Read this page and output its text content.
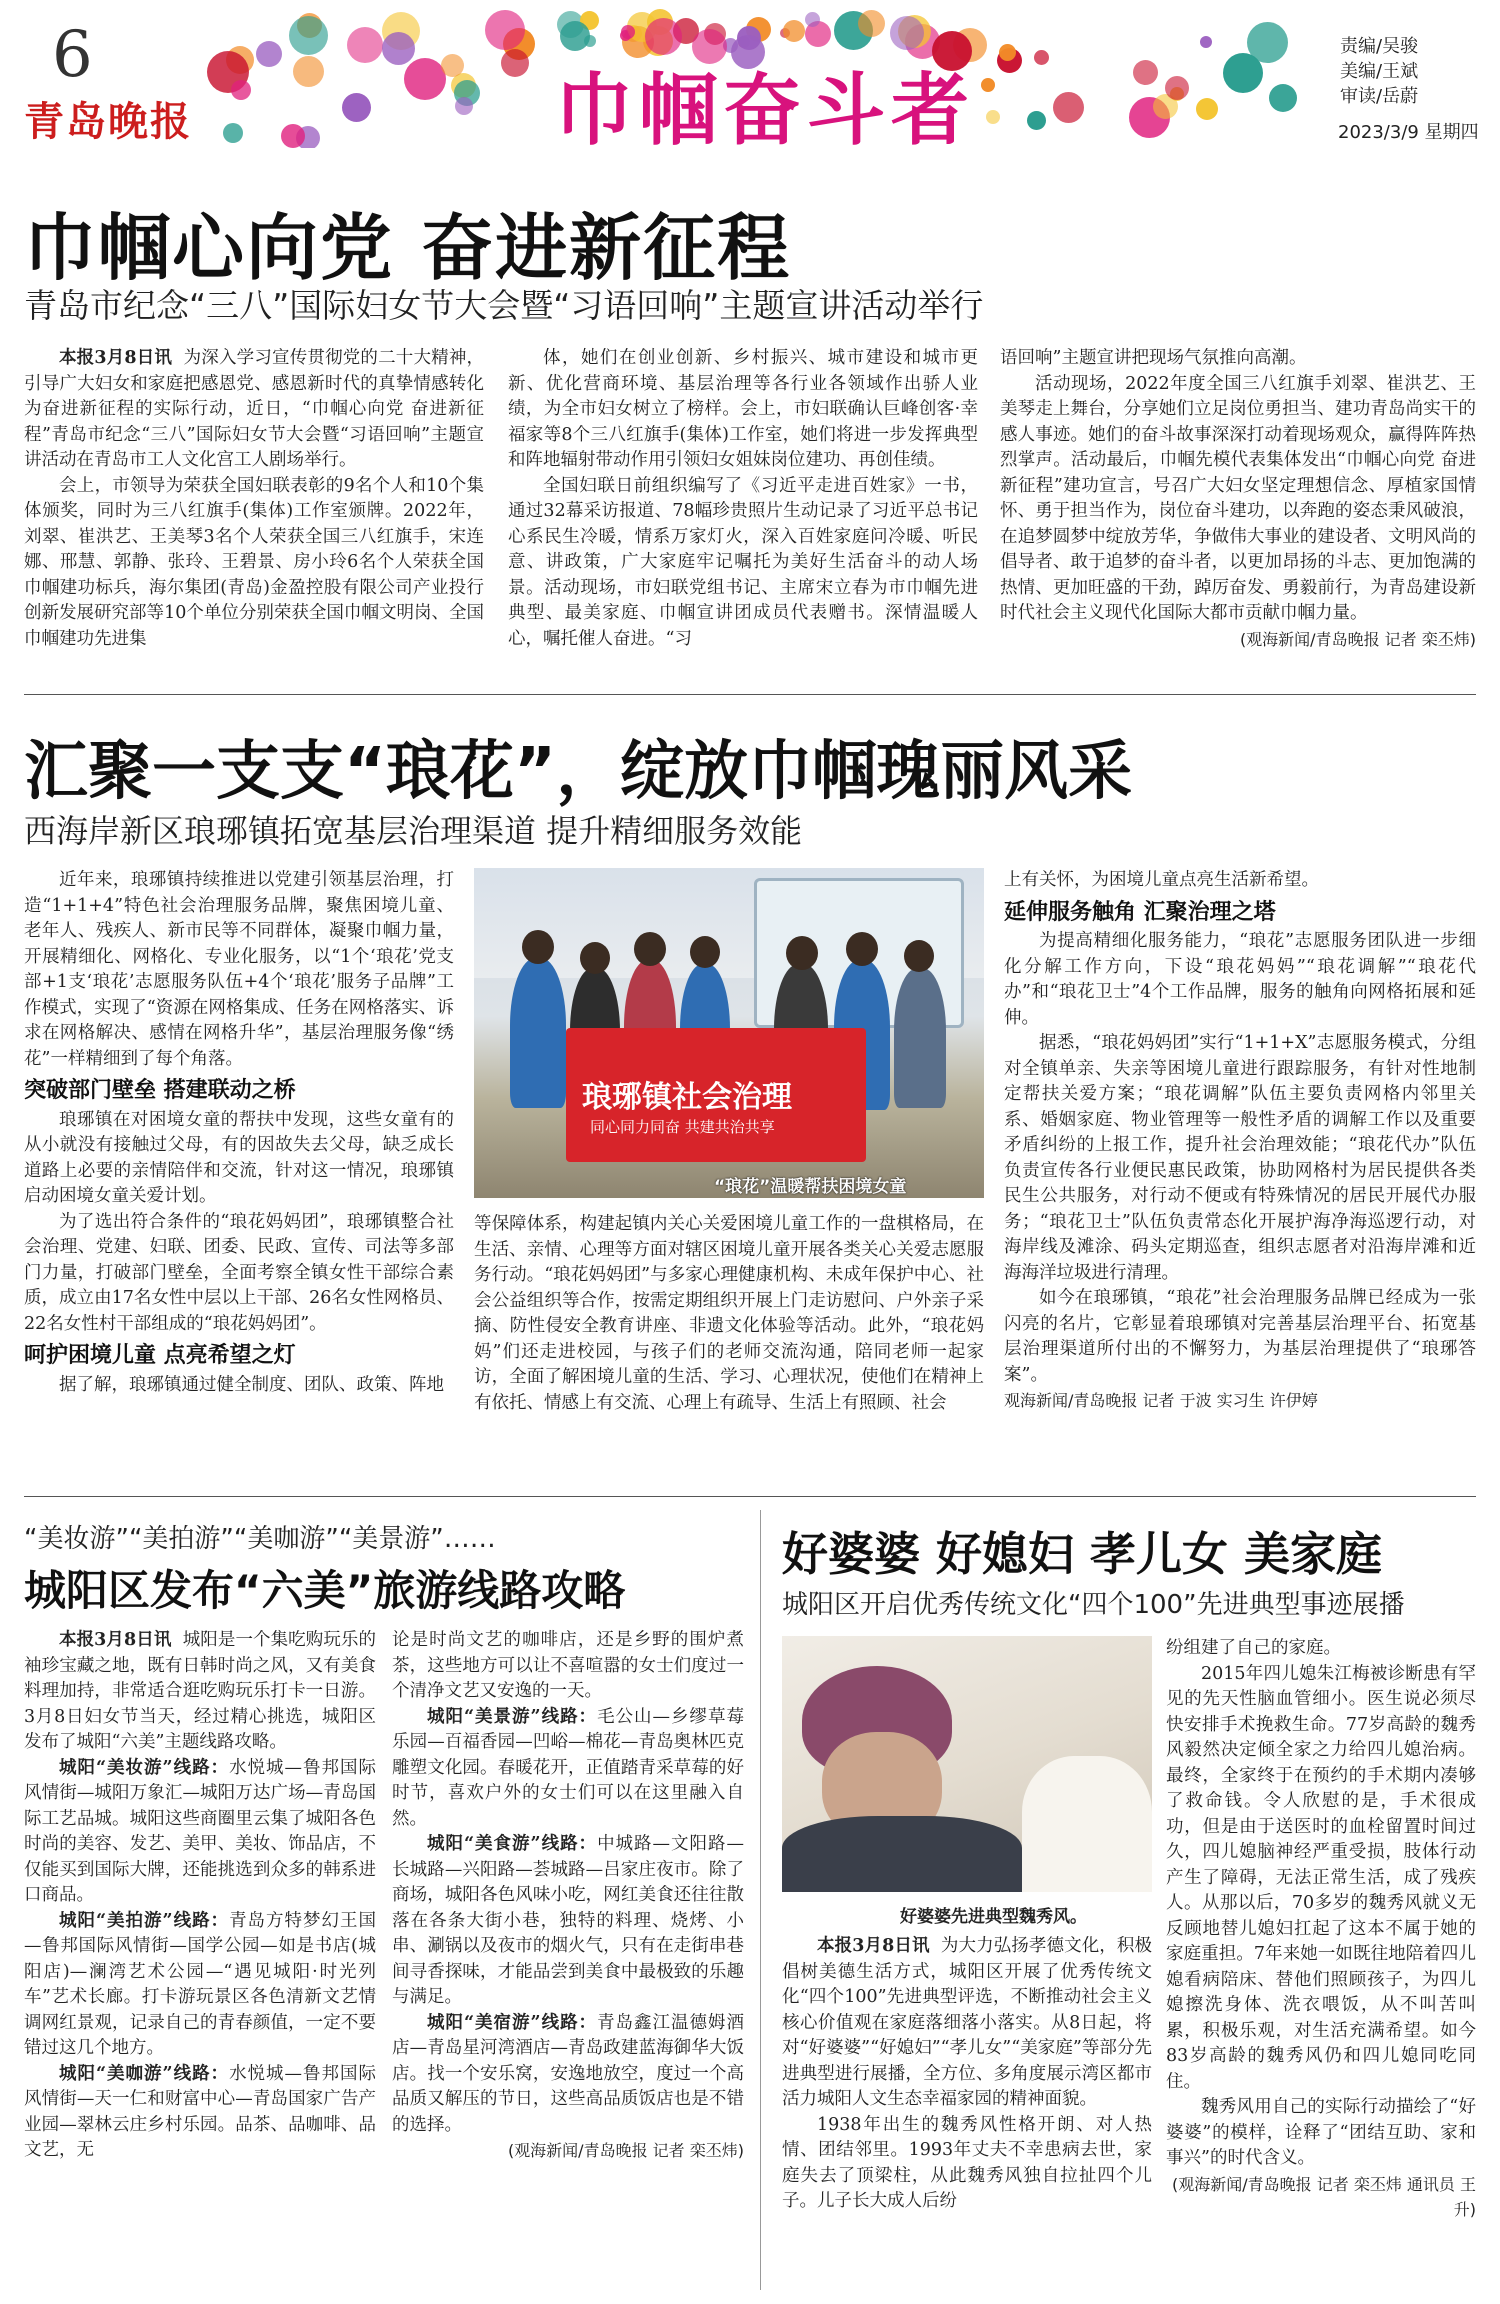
6
青岛晚报	巾帼奋斗者
责编/吴骏
美编/王斌
审读/岳蔚
2023/3/9 星期四
巾帼心向党 奋进新征程
青岛市纪念“三八”国际妇女节大会暨“习语回响”主题宣讲活动举行

本报3月8日讯 为深入学习宣传贯彻党的二十大精神，引导广大妇女和家庭把感恩党、感恩新时代的真挚情感转化为奋进新征程的实际行动，近日，“巾帼心向党 奋进新征程”青岛市纪念“三八”国际妇女节大会暨“习语回响”主题宣讲活动在青岛市工人文化宫工人剧场举行。

会上，市领导为荣获全国妇联表彰的9名个人和10个集体颁奖，同时为三八红旗手(集体)工作室颁牌。2022年，刘翠、崔洪艺、王美琴3名个人荣获全国三八红旗手，宋连娜、邢慧、郭静、张玲、王碧景、房小玲6名个人荣获全国巾帼建功标兵，海尔集团(青岛)金盈控股有限公司产业投行创新发展研究部等10个单位分别荣获全国巾帼文明岗、全国巾帼建功先进集

体，她们在创业创新、乡村振兴、城市建设和城市更新、优化营商环境、基层治理等各行业各领域作出骄人业绩，为全市妇女树立了榜样。会上，市妇联确认巨峰创客·幸福家等8个三八红旗手(集体)工作室，她们将进一步发挥典型和阵地辐射带动作用引领妇女姐妹岗位建功、再创佳绩。

全国妇联日前组织编写了《习近平走进百姓家》一书，通过32幕采访报道、78幅珍贵照片生动记录了习近平总书记心系民生冷暖，情系万家灯火，深入百姓家庭问冷暖、听民意、讲政策，广大家庭牢记嘱托为美好生活奋斗的动人场景。活动现场，市妇联党组书记、主席宋立春为市巾帼先进典型、最美家庭、巾帼宣讲团成员代表赠书。深情温暖人心，嘱托催人奋进。“习

语回响”主题宣讲把现场气氛推向高潮。

活动现场，2022年度全国三八红旗手刘翠、崔洪艺、王美琴走上舞台，分享她们立足岗位勇担当、建功青岛尚实干的感人事迹。她们的奋斗故事深深打动着现场观众，赢得阵阵热烈掌声。活动最后，巾帼先模代表集体发出“巾帼心向党 奋进新征程”建功宣言，号召广大妇女坚定理想信念、厚植家国情怀、勇于担当作为，岗位奋斗建功，以奔跑的姿态秉风破浪，在追梦圆梦中绽放芳华，争做伟大事业的建设者、文明风尚的倡导者、敢于追梦的奋斗者，以更加昂扬的斗志、更加饱满的热情、更加旺盛的干劲，踔厉奋发、勇毅前行，为青岛建设新时代社会主义现代化国际大都市贡献巾帼力量。

(观海新闻/青岛晚报 记者 栾丕炜)
汇聚一支支“琅花”，绽放巾帼瑰丽风采
西海岸新区琅琊镇拓宽基层治理渠道 提升精细服务效能

近年来，琅琊镇持续推进以党建引领基层治理，打造“1+1+4”特色社会治理服务品牌，聚焦困境儿童、老年人、残疾人、新市民等不同群体，凝聚巾帼力量，开展精细化、网格化、专业化服务，以“1个‘琅花’党支部+1支‘琅花’志愿服务队伍+4个‘琅花’服务子品牌”工作模式，实现了“资源在网格集成、任务在网格落实、诉求在网格解决、感情在网格升华”，基层治理服务像“绣花”一样精细到了每个角落。

突破部门壁垒 搭建联动之桥

琅琊镇在对困境女童的帮扶中发现，这些女童有的从小就没有接触过父母，有的因故失去父母，缺乏成长道路上必要的亲情陪伴和交流，针对这一情况，琅琊镇启动困境女童关爱计划。

为了选出符合条件的“琅花妈妈团”，琅琊镇整合社会治理、党建、妇联、团委、民政、宣传、司法等多部门力量，打破部门壁垒，全面考察全镇女性干部综合素质，成立由17名女性中层以上干部、26名女性网格员、22名女性村干部组成的“琅花妈妈团”。

呵护困境儿童 点亮希望之灯

据了解，琅琊镇通过健全制度、团队、政策、阵地

琅琊镇社会治理
同心同力同奋 共建共治共享
“琅花”温暖帮扶困境女童

等保障体系，构建起镇内关心关爱困境儿童工作的一盘棋格局，在生活、亲情、心理等方面对辖区困境儿童开展各类关心关爱志愿服务行动。“琅花妈妈团”与多家心理健康机构、未成年保护中心、社会公益组织等合作，按需定期组织开展上门走访慰问、户外亲子采摘、防性侵安全教育讲座、非遗文化体验等活动。此外，“琅花妈妈”们还走进校园，与孩子们的老师交流沟通，陪同老师一起家访，全面了解困境儿童的生活、学习、心理状况，使他们在精神上有依托、情感上有交流、心理上有疏导、生活上有照顾、社会

上有关怀，为困境儿童点亮生活新希望。

延伸服务触角 汇聚治理之塔

为提高精细化服务能力，“琅花”志愿服务团队进一步细化分解工作方向，下设“琅花妈妈”“琅花调解”“琅花代办”和“琅花卫士”4个工作品牌，服务的触角向网格拓展和延伸。

据悉，“琅花妈妈团”实行“1+1+X”志愿服务模式，分组对全镇单亲、失亲等困境儿童进行跟踪服务，有针对性地制定帮扶关爱方案；“琅花调解”队伍主要负责网格内邻里关系、婚姻家庭、物业管理等一般性矛盾的调解工作以及重要矛盾纠纷的上报工作，提升社会治理效能；“琅花代办”队伍负责宣传各行业便民惠民政策，协助网格村为居民提供各类民生公共服务，对行动不便或有特殊情况的居民开展代办服务；“琅花卫士”队伍负责常态化开展护海净海巡逻行动，对海岸线及滩涂、码头定期巡查，组织志愿者对沿海岸滩和近海海洋垃圾进行清理。

如今在琅琊镇，“琅花”社会治理服务品牌已经成为一张闪亮的名片，它彰显着琅琊镇对完善基层治理平台、拓宽基层治理渠道所付出的不懈努力，为基层治理提供了“琅琊答案”。

观海新闻/青岛晚报 记者 于波 实习生 许伊婷
“美妆游”“美拍游”“美咖游”“美景游”……
城阳区发布“六美”旅游线路攻略

本报3月8日讯 城阳是一个集吃购玩乐的袖珍宝藏之地，既有日韩时尚之风，又有美食料理加持，非常适合逛吃购玩乐打卡一日游。3月8日妇女节当天，经过精心挑选，城阳区发布了城阳“六美”主题线路攻略。

城阳“美妆游”线路：水悦城—鲁邦国际风情街—城阳万象汇—城阳万达广场—青岛国际工艺品城。城阳这些商圈里云集了城阳各色时尚的美容、发艺、美甲、美妆、饰品店，不仅能买到国际大牌，还能挑选到众多的韩系进口商品。

城阳“美拍游”线路：青岛方特梦幻王国—鲁邦国际风情街—国学公园—如是书店(城阳店)—澜湾艺术公园—“遇见城阳·时光列车”艺术长廊。打卡游玩景区各色清新文艺情调网红景观，记录自己的青春颜值，一定不要错过这几个地方。

城阳“美咖游”线路：水悦城—鲁邦国际风情街—天一仁和财富中心—青岛国家广告产业园—翠林云庄乡村乐园。品茶、品咖啡、品文艺，无

论是时尚文艺的咖啡店，还是乡野的围炉煮茶，这些地方可以让不喜喧嚣的女士们度过一个清净文艺又安逸的一天。

城阳“美景游”线路：毛公山—乡缪草莓乐园—百福香园—凹峪—棉花—青岛奥林匹克雕塑文化园。春暖花开，正值踏青采草莓的好时节，喜欢户外的女士们可以在这里融入自然。

城阳“美食游”线路：中城路—文阳路—长城路—兴阳路—荟城路—吕家庄夜市。除了商场，城阳各色风味小吃，网红美食还往往散落在各条大街小巷，独特的料理、烧烤、小串、涮锅以及夜市的烟火气，只有在走街串巷间寻香探味，才能品尝到美食中最极致的乐趣与满足。

城阳“美宿游”线路：青岛鑫江温德姆酒店—青岛星河湾酒店—青岛政建蓝海御华大饭店。找一个安乐窝，安逸地放空，度过一个高品质又解压的节日，这些高品质饭店也是不错的选择。

(观海新闻/青岛晚报 记者 栾丕炜)
好婆婆 好媳妇 孝儿女 美家庭
城阳区开启优秀传统文化“四个100”先进典型事迹展播
好婆婆先进典型魏秀风。

本报3月8日讯 为大力弘扬孝德文化，积极倡树美德生活方式，城阳区开展了优秀传统文化“四个100”先进典型评选，不断推动社会主义核心价值观在家庭落细落小落实。从8日起，将对“好婆婆”“好媳妇”“孝儿女”“美家庭”等部分先进典型进行展播，全方位、多角度展示湾区都市活力城阳人文生态幸福家园的精神面貌。

1938年出生的魏秀风性格开朗、对人热情、团结邻里。1993年丈夫不幸患病去世，家庭失去了顶梁柱，从此魏秀风独自拉扯四个儿子。儿子长大成人后纷

纷组建了自己的家庭。

2015年四儿媳朱江梅被诊断患有罕见的先天性脑血管细小。医生说必须尽快安排手术挽救生命。77岁高龄的魏秀风毅然决定倾全家之力给四儿媳治病。最终，全家终于在预约的手术期内凑够了救命钱。令人欣慰的是，手术很成功，但是由于送医时的血栓留置时间过久，四儿媳脑神经严重受损，肢体行动产生了障碍，无法正常生活，成了残疾人。从那以后，70多岁的魏秀风就义无反顾地替儿媳妇扛起了这本不属于她的家庭重担。7年来她一如既往地陪着四儿媳看病陪床、替他们照顾孩子，为四儿媳擦洗身体、洗衣喂饭，从不叫苦叫累，积极乐观，对生活充满希望。如今83岁高龄的魏秀风仍和四儿媳同吃同住。

魏秀风用自己的实际行动描绘了“好婆婆”的模样，诠释了“团结互助、家和事兴”的时代含义。

(观海新闻/青岛晚报 记者 栾丕炜 通讯员 王升)
